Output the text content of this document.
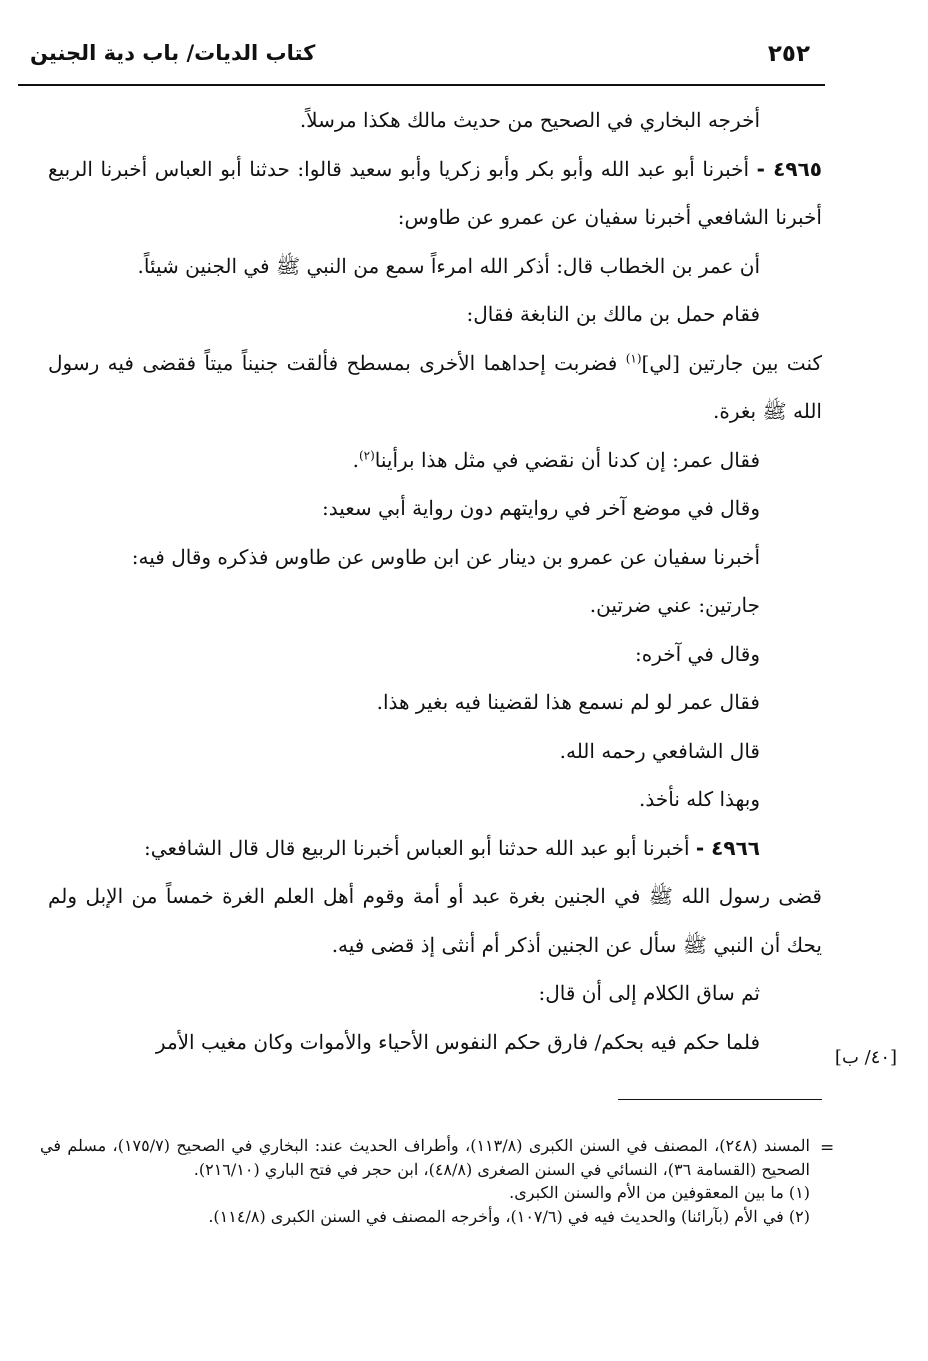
٢٥٢
كتاب الديات/ باب دية الجنين

أخرجه البخاري في الصحيح من حديث مالك هكذا مرسلاً.

٤٩٦٥ - أخبرنا أبو عبد الله وأبو بكر وأبو زكريا وأبو سعيد قالوا: حدثنا أبو العباس أخبرنا الربيع أخبرنا الشافعي أخبرنا سفيان عن عمرو عن طاوس:

أن عمر بن الخطاب قال: أذكر الله امرءاً سمع من النبي ﷺ في الجنين شيئاً.

فقام حمل بن مالك بن النابغة فقال:

كنت بين جارتين [لي]$^{(١)}$ فضربت إحداهما الأخرى بمسطح فألقت جنيناً ميتاً فقضى فيه رسول الله ﷺ بغرة.

فقال عمر: إن كدنا أن نقضي في مثل هذا برأينا$^{(٢)}$.

وقال في موضع آخر في روايتهم دون رواية أبي سعيد:

أخبرنا سفيان عن عمرو بن دينار عن ابن طاوس عن طاوس فذكره وقال فيه:

جارتين: عني ضرتين.

وقال في آخره:

فقال عمر لو لم نسمع هذا لقضينا فيه بغير هذا.

قال الشافعي رحمه الله.

وبهذا كله نأخذ.

٤٩٦٦ - أخبرنا أبو عبد الله حدثنا أبو العباس أخبرنا الربيع قال قال الشافعي:

قضى رسول الله ﷺ في الجنين بغرة عبد أو أمة وقوم أهل العلم الغرة خمساً من الإبل ولم يحك أن النبي ﷺ سأل عن الجنين أذكر أم أنثى إذ قضى فيه.

ثم ساق الكلام إلى أن قال:

فلما حكم فيه بحكم/ فارق حكم النفوس الأحياء والأموات وكان مغيب الأمر

[٤٠/ ب]
=

المسند (٢٤٨)، المصنف في السنن الكبرى (١١٣/٨)، وأطراف الحديث عند: البخاري في الصحيح (١٧٥/٧)، مسلم في الصحيح (القسامة ٣٦)، النسائي في السنن الصغرى (٤٨/٨)، ابن حجر في فتح الباري (٢١٦/١٠).

(١) ما بين المعقوفين من الأم والسنن الكبرى.

(٢) في الأم (بآرائنا) والحديث فيه في (١٠٧/٦)، وأخرجه المصنف في السنن الكبرى (١١٤/٨).
